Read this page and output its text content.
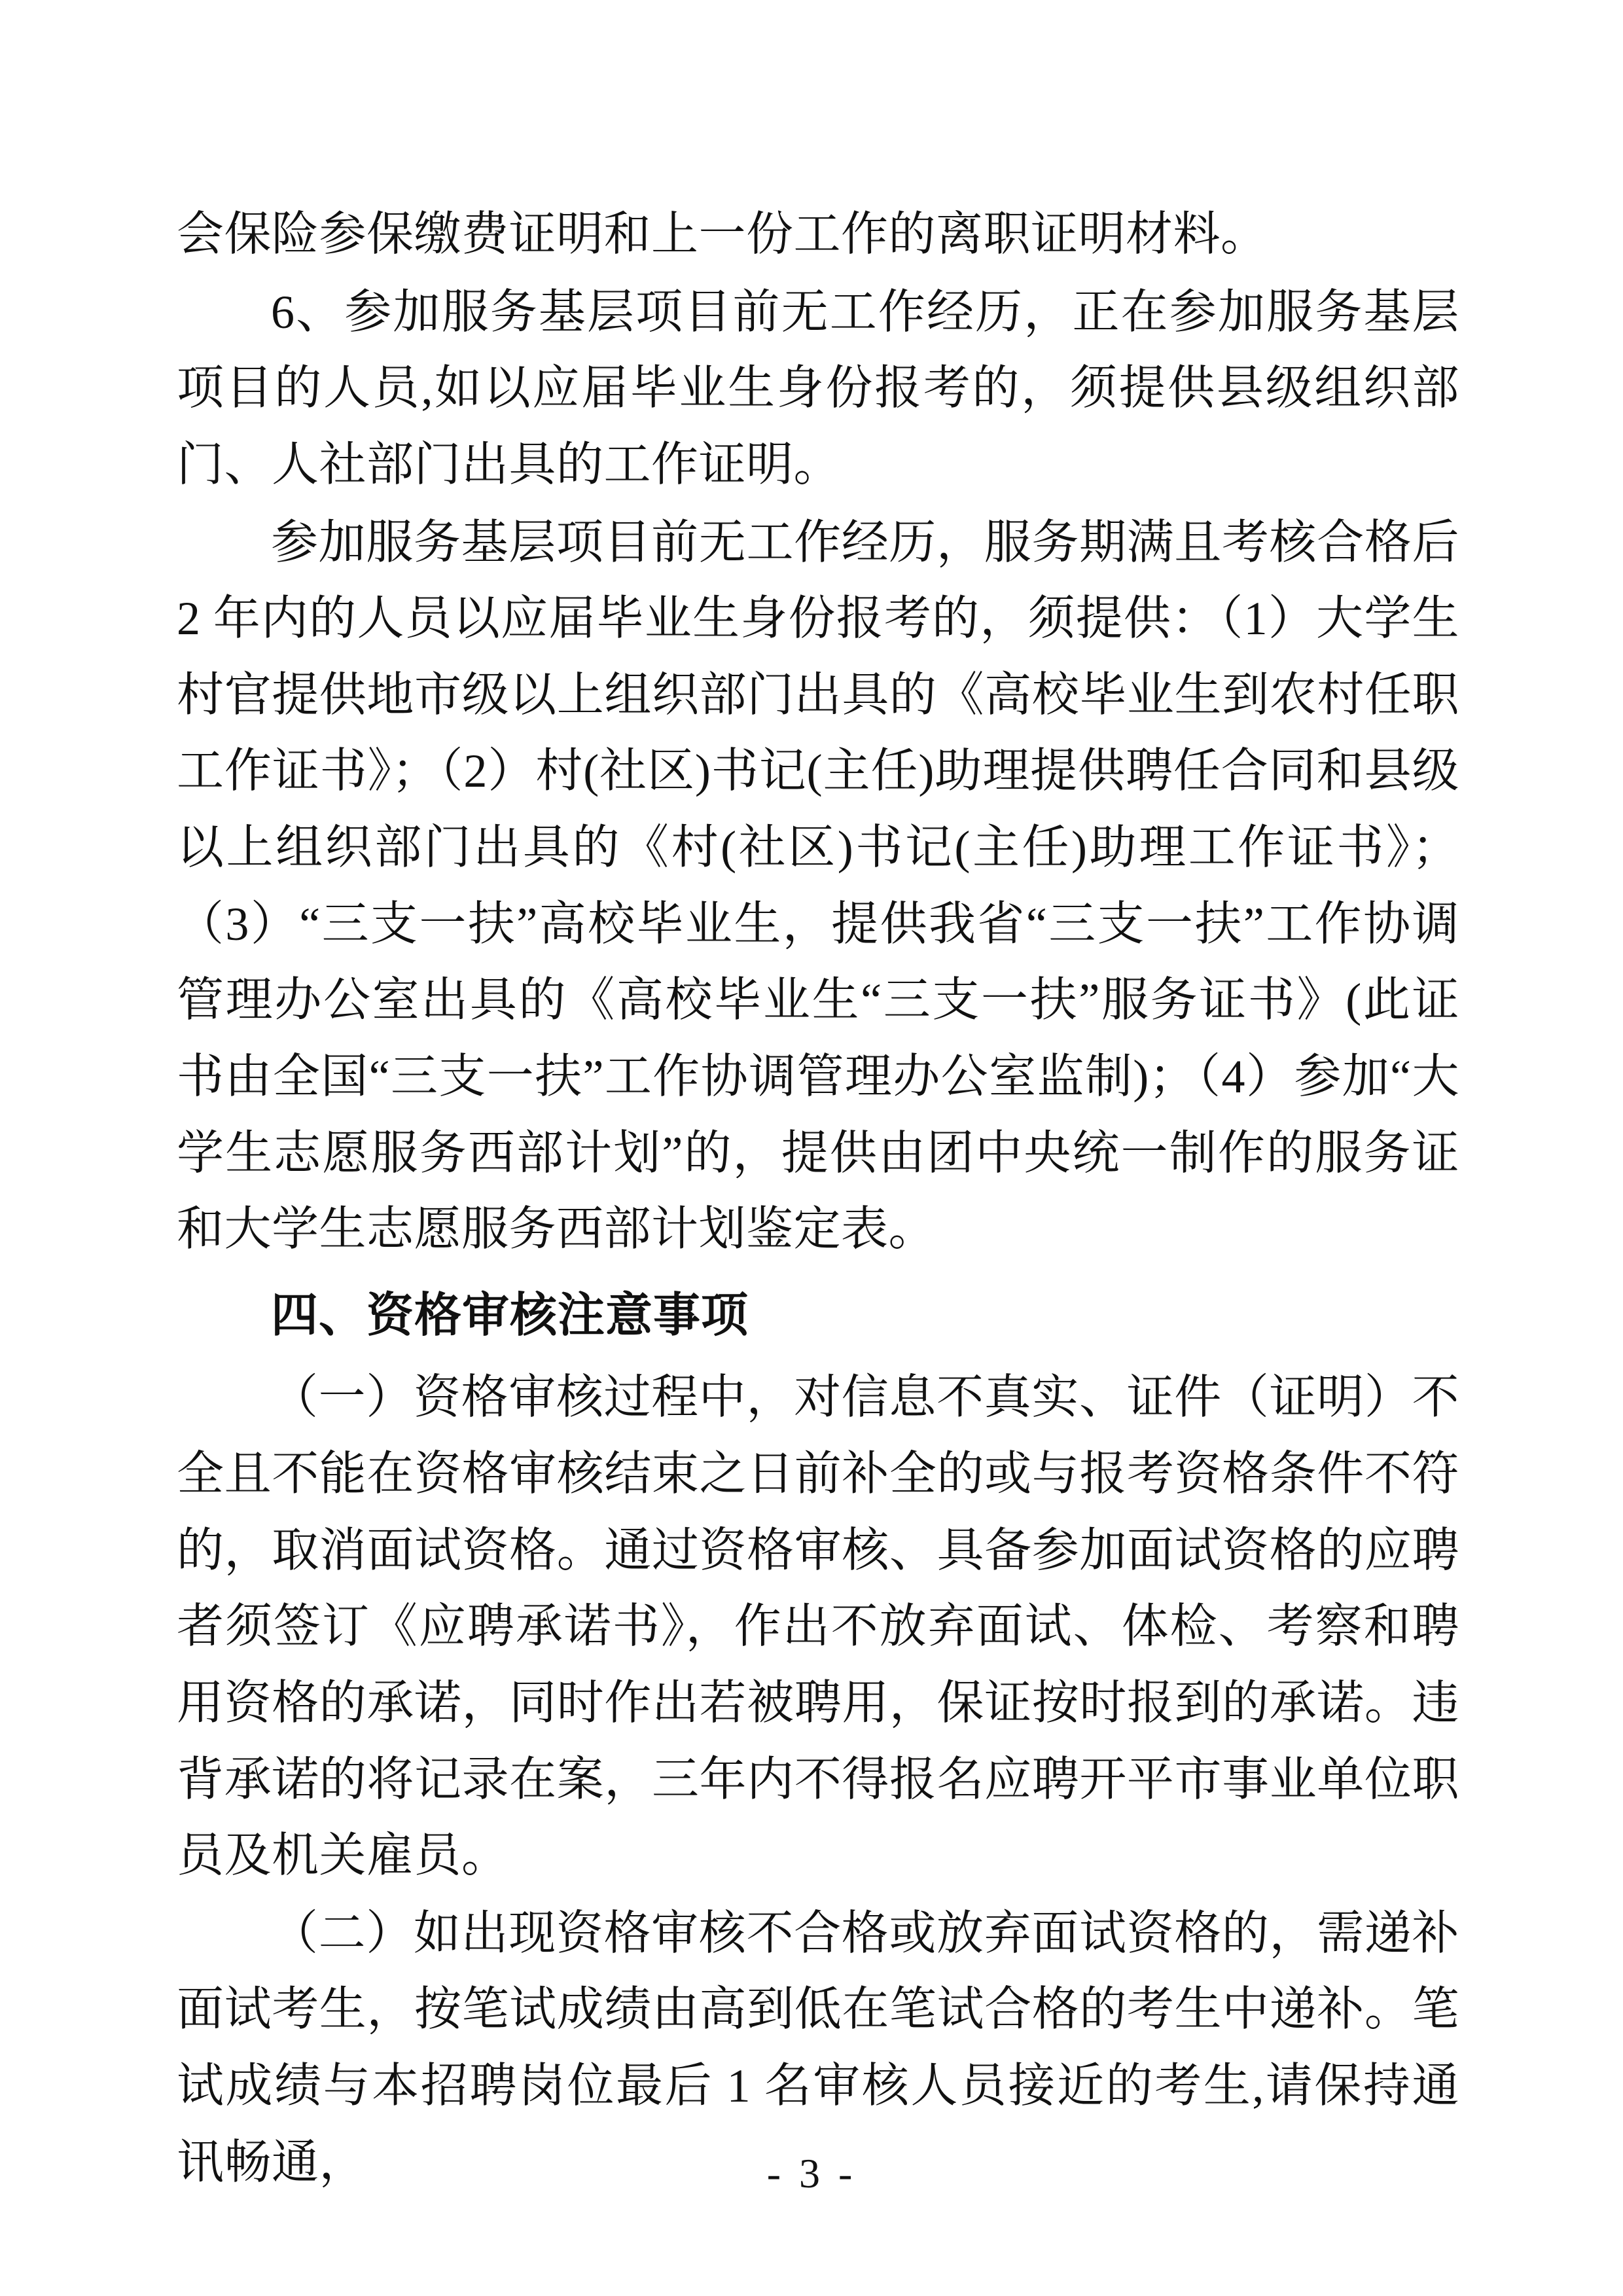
会保险参保缴费证明和上一份工作的离职证明材料。

6、参加服务基层项目前无工作经历，正在参加服务基层项目的人员,如以应届毕业生身份报考的，须提供县级组织部门、人社部门出具的工作证明。

参加服务基层项目前无工作经历，服务期满且考核合格后 2 年内的人员以应届毕业生身份报考的，须提供：（1）大学生村官提供地市级以上组织部门出具的《高校毕业生到农村任职工作证书》；（2）村(社区)书记(主任)助理提供聘任合同和县级以上组织部门出具的《村(社区)书记(主任)助理工作证书》；（3）“三支一扶”高校毕业生，提供我省“三支一扶”工作协调管理办公室出具的《高校毕业生“三支一扶”服务证书》(此证书由全国“三支一扶”工作协调管理办公室监制)；（4）参加“大学生志愿服务西部计划”的，提供由团中央统一制作的服务证和大学生志愿服务西部计划鉴定表。

四、资格审核注意事项

（一）资格审核过程中，对信息不真实、证件（证明）不全且不能在资格审核结束之日前补全的或与报考资格条件不符的，取消面试资格。通过资格审核、具备参加面试资格的应聘者须签订《应聘承诺书》，作出不放弃面试、体检、考察和聘用资格的承诺，同时作出若被聘用，保证按时报到的承诺。违背承诺的将记录在案，三年内不得报名应聘开平市事业单位职员及机关雇员。

（二）如出现资格审核不合格或放弃面试资格的，需递补面试考生，按笔试成绩由高到低在笔试合格的考生中递补。笔试成绩与本招聘岗位最后 1 名审核人员接近的考生,请保持通讯畅通，	- 3 -
